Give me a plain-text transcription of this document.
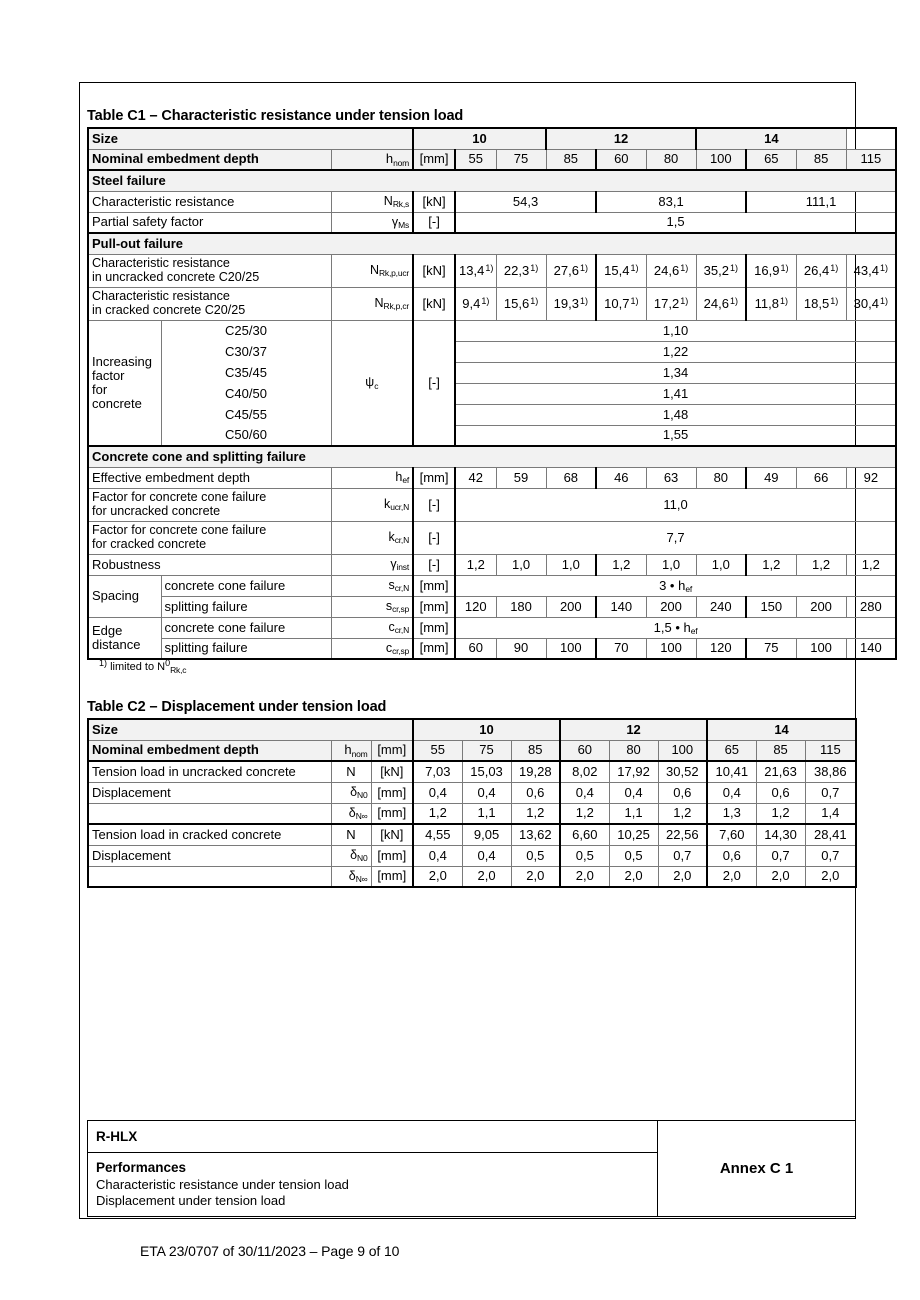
Table C1 – Characteristic resistance under tension load
Size			10			12			14			
Nominal embedment depth		$h_{nom}$	[mm]	55	75	85	60	80	100	65	85	115
Steel failure												
Characteristic resistance		$N_{Rk,s}$	[kN]	54,3			83,1			111,1		
Partial safety factor		$\gamma_{Ms}$	[-]	1,5								
Pull-out failure												
Characteristic resistance
in uncracked concrete C20/25		$N_{Rk,p,ucr}$	[kN]	13,4$^{1)}$	22,3$^{1)}$	27,6$^{1)}$	15,4$^{1)}$	24,6$^{1)}$	35,2$^{1)}$	16,9$^{1)}$	26,4$^{1)}$	43,4$^{1)}$
Characteristic resistance
in cracked concrete C20/25		$N_{Rk,p,cr}$	[kN]	9,4$^{1)}$	15,6$^{1)}$	19,3$^{1)}$	10,7$^{1)}$	17,2$^{1)}$	24,6$^{1)}$	11,8$^{1)}$	18,5$^{1)}$	30,4$^{1)}$
Increasing factor
for concrete	C25/30	$\psi_c$	[-]	1,10								
	C30/37			1,22								
	C35/45			1,34								
	C40/50			1,41								
	C45/55			1,48								
	C50/60			1,55								
Concrete cone and splitting failure												
Effective embedment depth		$h_{ef}$	[mm]	42	59	68	46	63	80	49	66	92
Factor for concrete cone failure
for uncracked concrete		$k_{ucr,N}$	[-]	11,0								
Factor for concrete cone failure
for cracked concrete		$k_{cr,N}$	[-]	7,7								
Robustness		$\gamma_{inst}$	[-]	1,2	1,0	1,0	1,2	1,0	1,0	1,2	1,2	1,2
Spacing	concrete cone failure	$s_{cr,N}$	[mm]	3 • $h_{ef}$
	splitting failure	$s_{cr,sp}$	[mm]	120	180	200	140	200	240	150	200	280
Edge
distance	concrete cone failure	$c_{cr,N}$	[mm]	1,5 • $h_{ef}$
	splitting failure	$c_{cr,sp}$	[mm]	60	90	100	70	100	120	75	100	140
$^{1)}$ limited to $N^0_{Rk,c}$
Table C2 – Displacement under tension load
Size			10			12			14		
Nominal embedment depth	$h_{nom}$	[mm]	55	75	85	60	80	100	65	85	115
Tension load in uncracked concrete	N	[kN]	7,03	15,03	19,28	8,02	17,92	30,52	10,41	21,63	38,86
Displacement	$\delta_{N0}$	[mm]	0,4	0,4	0,6	0,4	0,4	0,6	0,4	0,6	0,7
	$\delta_{N\infty}$	[mm]	1,2	1,1	1,2	1,2	1,1	1,2	1,3	1,2	1,4
Tension load in cracked concrete	N	[kN]	4,55	9,05	13,62	6,60	10,25	22,56	7,60	14,30	28,41
Displacement	$\delta_{N0}$	[mm]	0,4	0,4	0,5	0,5	0,5	0,7	0,6	0,7	0,7
	$\delta_{N\infty}$	[mm]	2,0	2,0	2,0	2,0	2,0	2,0	2,0	2,0	2,0
R-HLX	Annex C 1

Performances
Characteristic resistance under tension load
Displacement under tension load
ETA 23/0707 of 30/11/2023 – Page 9 of 10
